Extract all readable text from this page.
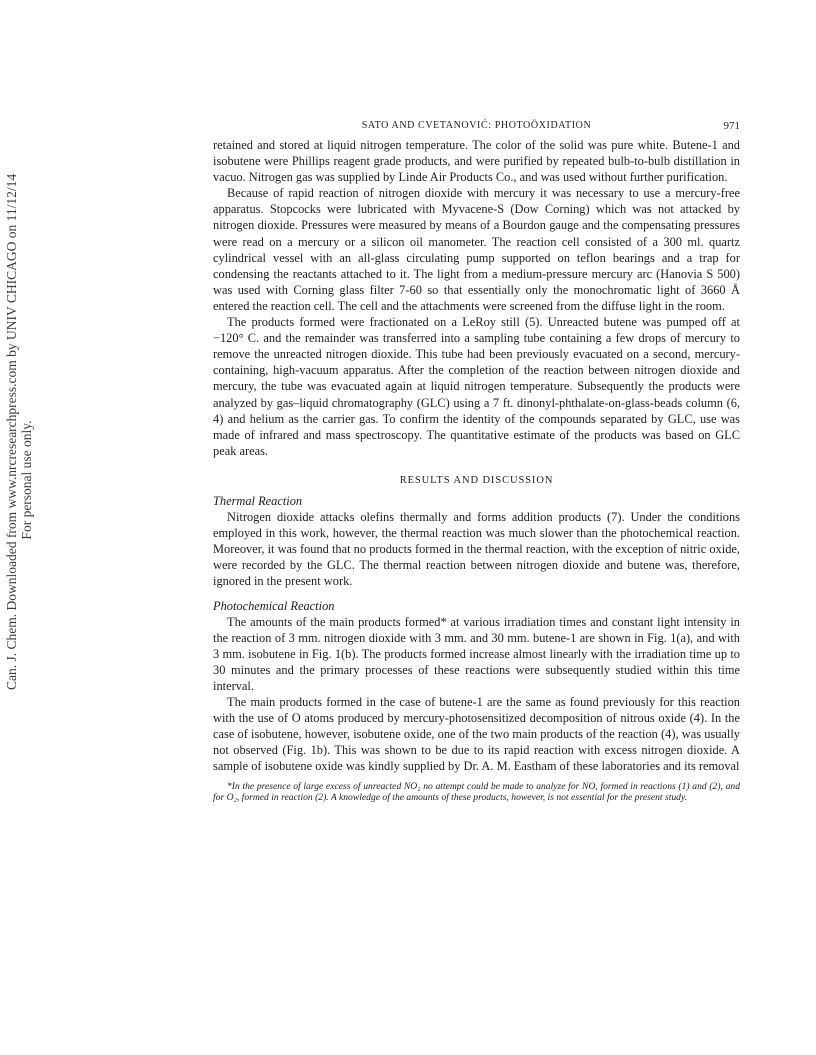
Can. J. Chem. Downloaded from www.nrcresearchpress.com by UNIV CHICAGO on 11/12/14 For personal use only.
SATO AND CVETANOVIĆ: PHOTOÖXIDATION	971

retained and stored at liquid nitrogen temperature. The color of the solid was pure white. Butene-1 and isobutene were Phillips reagent grade products, and were purified by repeated bulb-to-bulb distillation in vacuo. Nitrogen gas was supplied by Linde Air Products Co., and was used without further purification.

Because of rapid reaction of nitrogen dioxide with mercury it was necessary to use a mercury-free apparatus. Stopcocks were lubricated with Myvacene-S (Dow Corning) which was not attacked by nitrogen dioxide. Pressures were measured by means of a Bourdon gauge and the compensating pressures were read on a mercury or a silicon oil manometer. The reaction cell consisted of a 300 ml. quartz cylindrical vessel with an all-glass circulating pump supported on teflon bearings and a trap for condensing the reactants attached to it. The light from a medium-pressure mercury arc (Hanovia S 500) was used with Corning glass filter 7-60 so that essentially only the monochromatic light of 3660 Å entered the reaction cell. The cell and the attachments were screened from the diffuse light in the room.

The products formed were fractionated on a LeRoy still (5). Unreacted butene was pumped off at −120° C. and the remainder was transferred into a sampling tube containing a few drops of mercury to remove the unreacted nitrogen dioxide. This tube had been previously evacuated on a second, mercury-containing, high-vacuum apparatus. After the completion of the reaction between nitrogen dioxide and mercury, the tube was evacuated again at liquid nitrogen temperature. Subsequently the products were analyzed by gas–liquid chromatography (GLC) using a 7 ft. dinonyl-phthalate-on-glass-beads column (6, 4) and helium as the carrier gas. To confirm the identity of the compounds separated by GLC, use was made of infrared and mass spectroscopy. The quantitative estimate of the products was based on GLC peak areas.

RESULTS AND DISCUSSION

Thermal Reaction

Nitrogen dioxide attacks olefins thermally and forms addition products (7). Under the conditions employed in this work, however, the thermal reaction was much slower than the photochemical reaction. Moreover, it was found that no products formed in the thermal reaction, with the exception of nitric oxide, were recorded by the GLC. The thermal reaction between nitrogen dioxide and butene was, therefore, ignored in the present work.

Photochemical Reaction

The amounts of the main products formed* at various irradiation times and constant light intensity in the reaction of 3 mm. nitrogen dioxide with 3 mm. and 30 mm. butene-1 are shown in Fig. 1(a), and with 3 mm. isobutene in Fig. 1(b). The products formed increase almost linearly with the irradiation time up to 30 minutes and the primary processes of these reactions were subsequently studied within this time interval.

The main products formed in the case of butene-1 are the same as found previously for this reaction with the use of O atoms produced by mercury-photosensitized decomposition of nitrous oxide (4). In the case of isobutene, however, isobutene oxide, one of the two main products of the reaction (4), was usually not observed (Fig. 1b). This was shown to be due to its rapid reaction with excess nitrogen dioxide. A sample of isobutene oxide was kindly supplied by Dr. A. M. Eastham of these laboratories and its removal

*In the presence of large excess of unreacted NO₂ no attempt could be made to analyze for NO, formed in reactions (1) and (2), and for O₂, formed in reaction (2). A knowledge of the amounts of these products, however, is not essential for the present study.
